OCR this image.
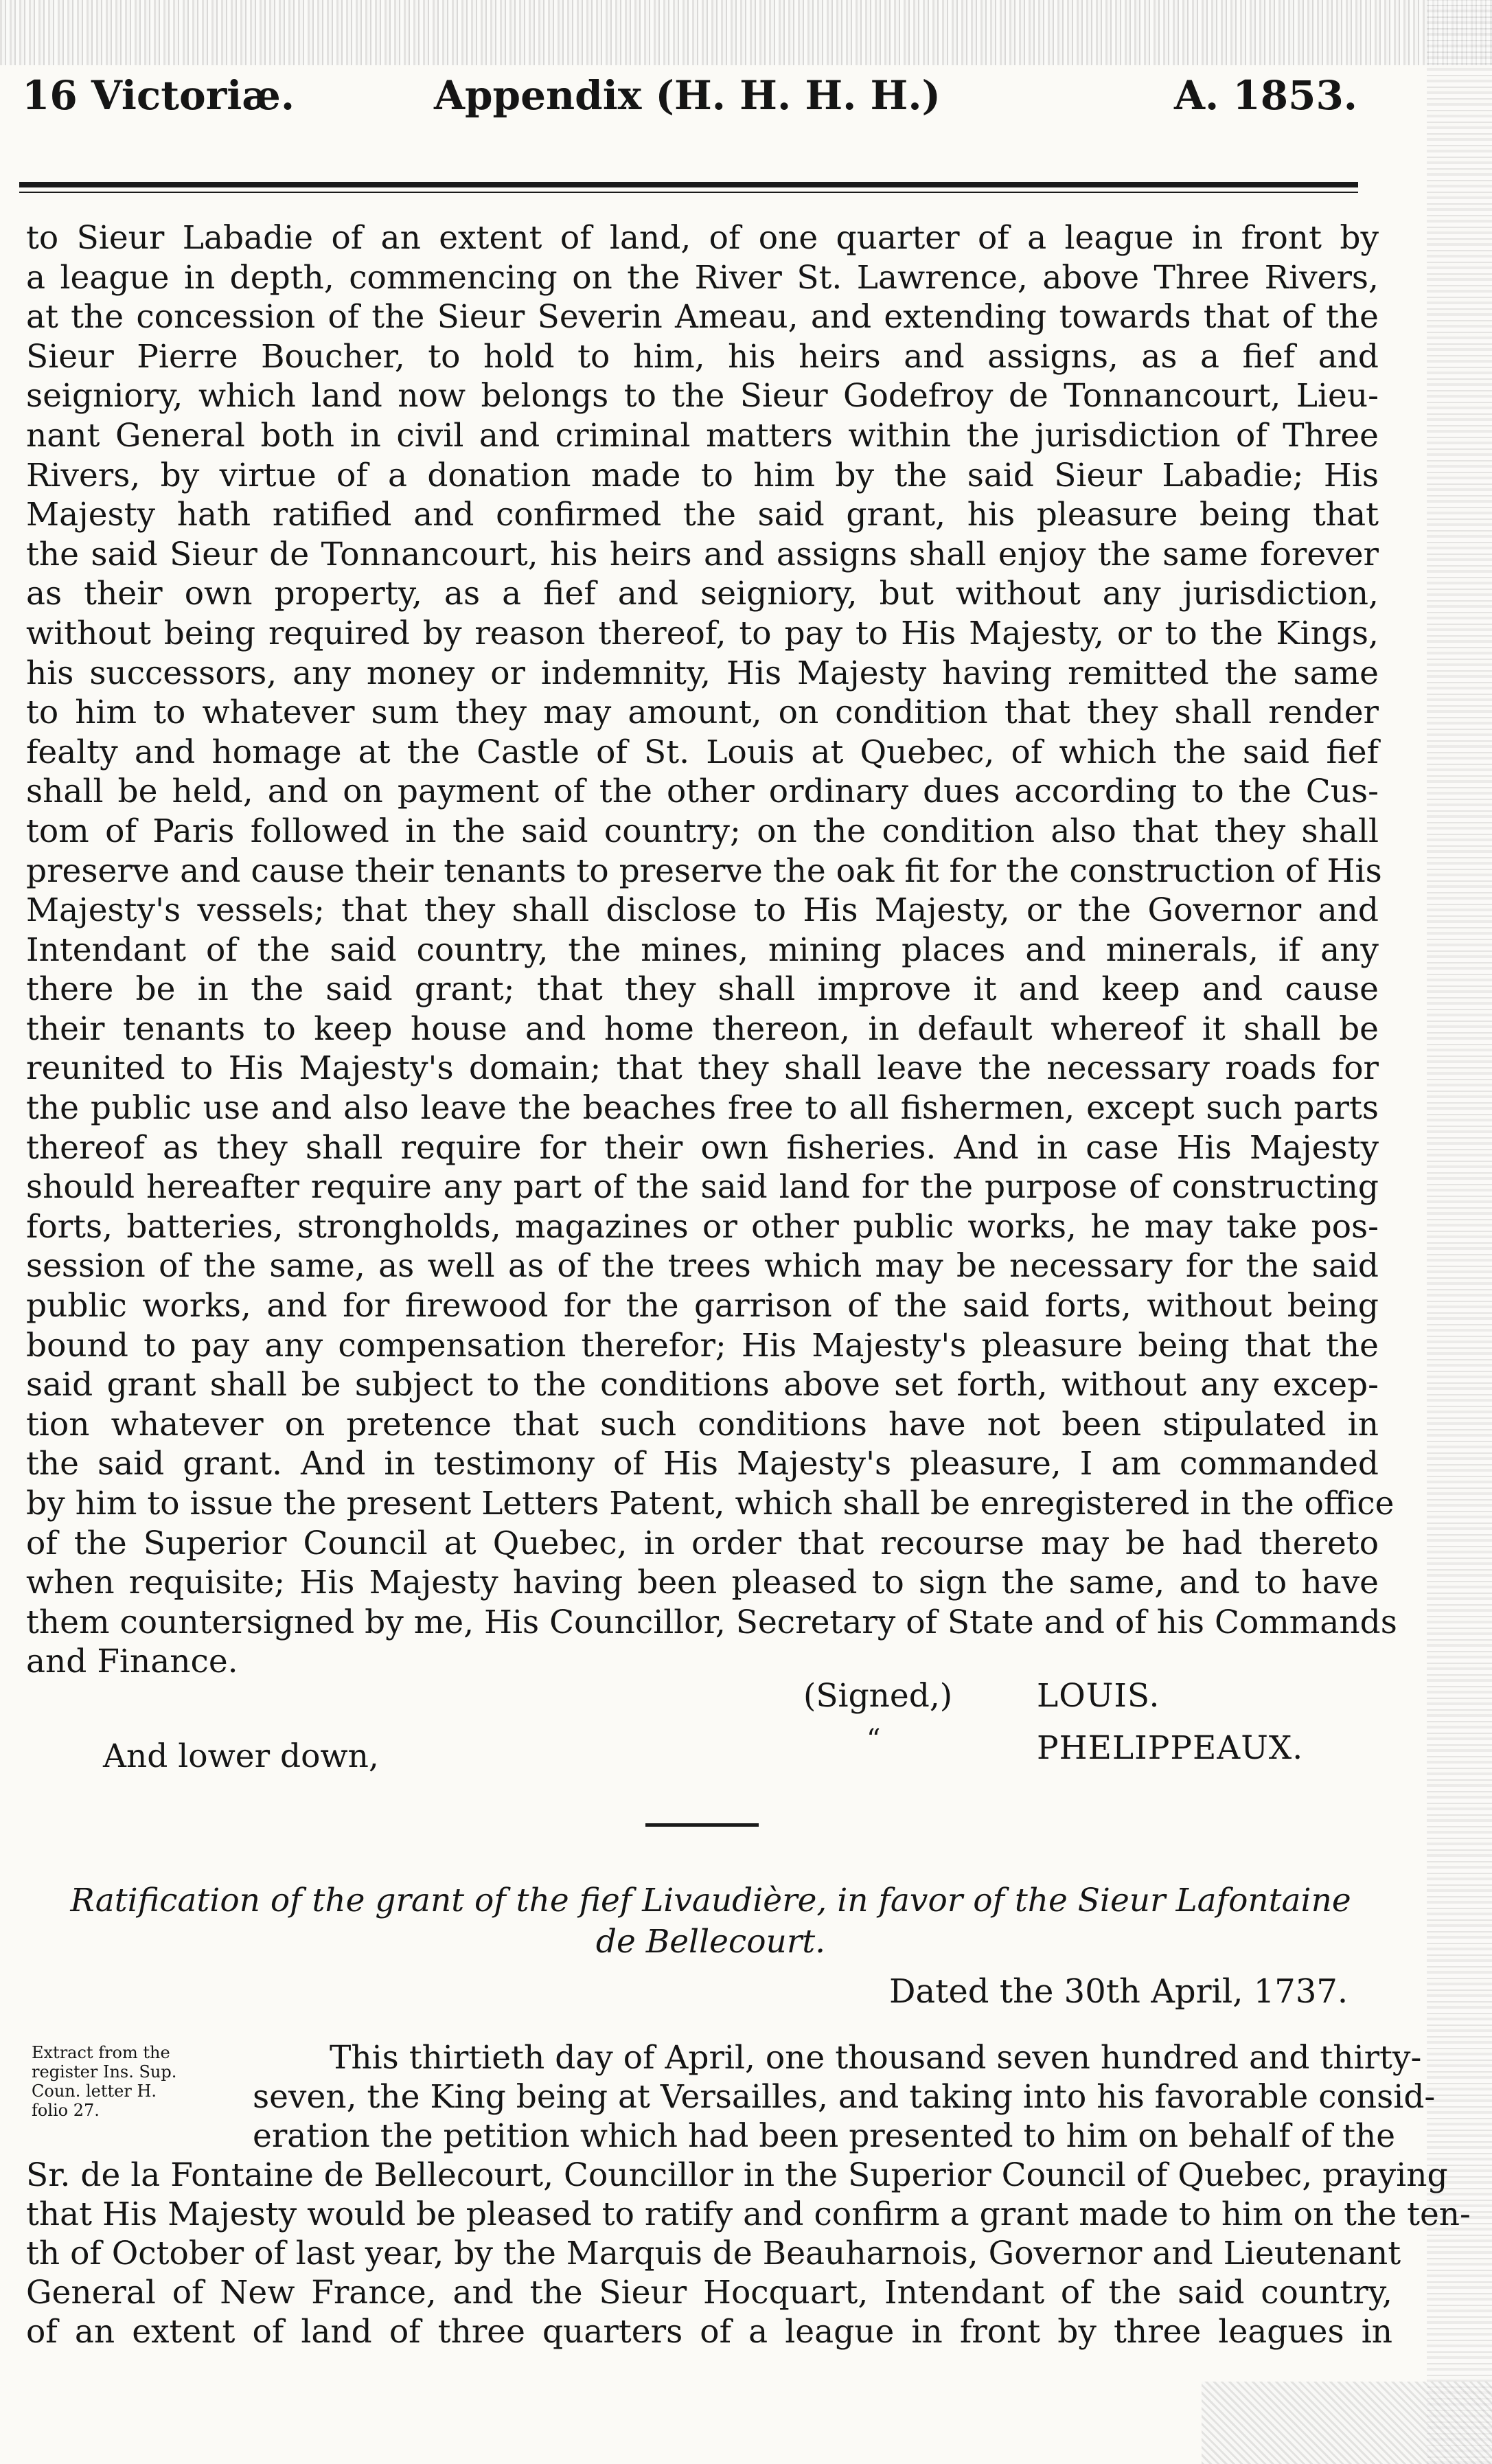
16 Victoriæ.	Appendix (H. H. H. H.)	A. 1853.
to Sieur Labadie of an extent of land, of one quarter of a league in front by
a league in depth, commencing on the River St. Lawrence, above Three Rivers,
at the concession of the Sieur Severin Ameau, and extending towards that of the
Sieur Pierre Boucher, to hold to him, his heirs and assigns, as a fief and
seigniory, which land now belongs to the Sieur Godefroy de Tonnancourt, Lieu-
nant General both in civil and criminal matters within the jurisdiction of Three
Rivers, by virtue of a donation made to him by the said Sieur Labadie; His
Majesty hath ratified and confirmed the said grant, his pleasure being that
the said Sieur de Tonnancourt, his heirs and assigns shall enjoy the same forever
as their own property, as a fief and seigniory, but without any jurisdiction,
without being required by reason thereof, to pay to His Majesty, or to the Kings,
his successors, any money or indemnity, His Majesty having remitted the same
to him to whatever sum they may amount, on condition that they shall render
fealty and homage at the Castle of St. Louis at Quebec, of which the said fief
shall be held, and on payment of the other ordinary dues according to the Cus-
tom of Paris followed in the said country; on the condition also that they shall
preserve and cause their tenants to preserve the oak fit for the construction of His
Majesty's vessels; that they shall disclose to His Majesty, or the Governor and
Intendant of the said country, the mines, mining places and minerals, if any
there be in the said grant; that they shall improve it and keep and cause
their tenants to keep house and home thereon, in default whereof it shall be
reunited to His Majesty's domain; that they shall leave the necessary roads for
the public use and also leave the beaches free to all fishermen, except such parts
thereof as they shall require for their own fisheries. And in case His Majesty
should hereafter require any part of the said land for the purpose of constructing
forts, batteries, strongholds, magazines or other public works, he may take pos-
session of the same, as well as of the trees which may be necessary for the said
public works, and for firewood for the garrison of the said forts, without being
bound to pay any compensation therefor; His Majesty's pleasure being that the
said grant shall be subject to the conditions above set forth, without any excep-
tion whatever on pretence that such conditions have not been stipulated in
the said grant. And in testimony of His Majesty's pleasure, I am commanded
by him to issue the present Letters Patent, which shall be enregistered in the office
of the Superior Council at Quebec, in order that recourse may be had thereto
when requisite; His Majesty having been pleased to sign the same, and to have
them countersigned by me, His Councillor, Secretary of State and of his Commands
and Finance.
(Signed,)	LOUIS.
And lower down,	“	PHELIPPEAUX.
Ratification of the grant of the fief Livaudière, in favor of the Sieur Lafontaine
de Bellecourt.
Dated the 30th April, 1737.
Extract from the
register Ins. Sup.
Coun. letter H.
folio 27.
This thirtieth day of April, one thousand seven hundred and thirty-
seven, the King being at Versailles, and taking into his favorable consid-
eration the petition which had been presented to him on behalf of the
Sr. de la Fontaine de Bellecourt, Councillor in the Superior Council of Quebec, praying
that His Majesty would be pleased to ratify and confirm a grant made to him on the ten-
th of October of last year, by the Marquis de Beauharnois, Governor and Lieutenant
General of New France, and the Sieur Hocquart, Intendant of the said country,
of an extent of land of three quarters of a league in front by three leagues in
